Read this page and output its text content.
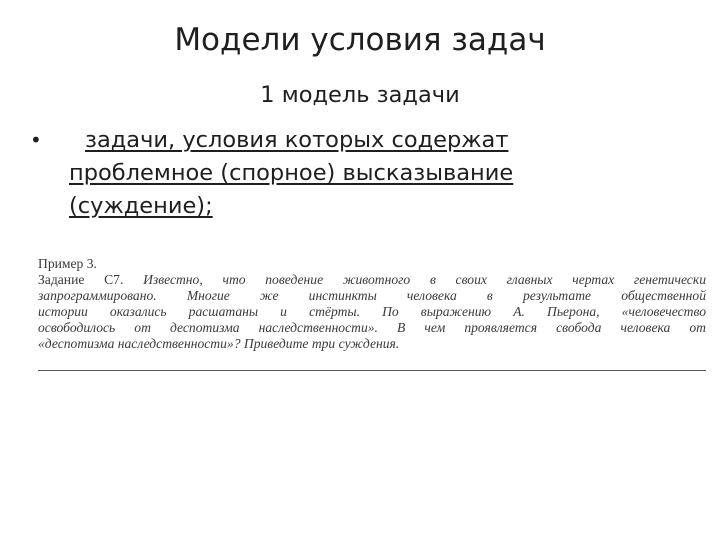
Модели условия задач
1 модель задачи
•	задачи, условия которых содержат
проблемное (спорное) высказывание
(суждение);
Пример 3.
Задание С7. Известно, что поведение животного в своих главных чертах генетически
запрограммировано. Многие же инстинкты человека в результате общественной
истории оказались расшатаны и стёрты. По выражению А. Пьерона, «человечество
освободилось от деспотизма наследственности». В чем проявляется свобода человека от
«деспотизма наследственности»? Приведите три суждения.
